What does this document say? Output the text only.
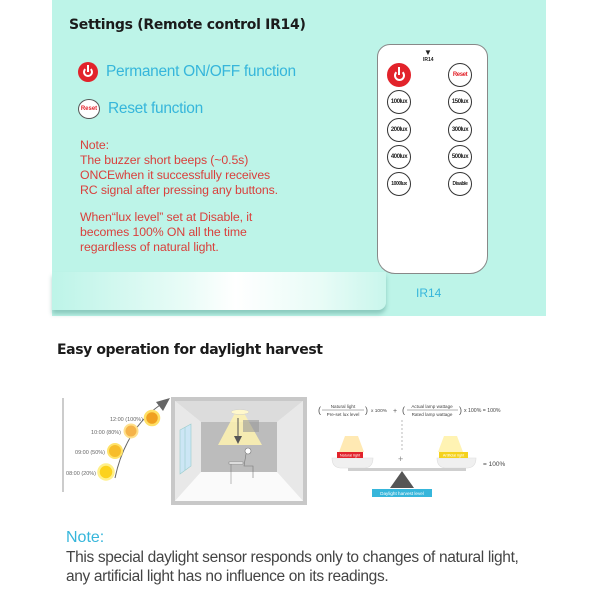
Settings (Remote control IR14)
Permanent ON/OFF function
Reset Reset function
Note:
The buzzer short beeps (~0.5s)
ONCEwhen it successfully receives
RC signal after pressing any buttons.
When“lux level” set at Disable, it
becomes 100% ON all the time
regardless of natural light.
▼
IR14
Reset
100lux	150lux
200lux	300lux
400lux	500lux
1000lux	Disable
IR14
Easy operation for daylight harvest
12:00 (100%)
10:00 (80%)
09:00 (50%)
08:00 (20%)
( Natural light
Pre-set lux level ) x 100% + ( Actual lamp wattage
Rated lamp wattage ) x 100% = 100%
+
Natural light	Artificial light
Daylight harvest level
= 100%
Note:
This special daylight sensor responds only to changes of natural light,
any artificial light has no influence on its readings.
